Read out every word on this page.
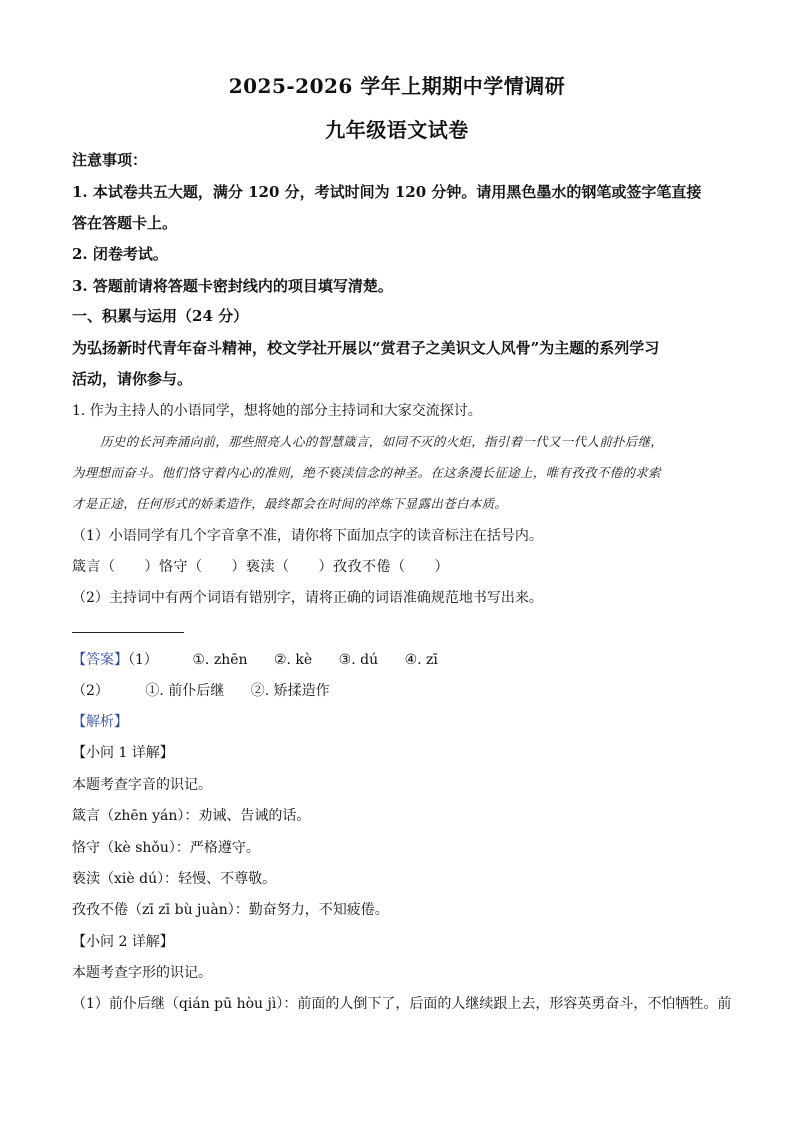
2025-2026 学年上期期中学情调研
九年级语文试卷
注意事项：
1. 本试卷共五大题，满分 120 分，考试时间为 120 分钟。请用黑色墨水的钢笔或签字笔直接
答在答题卡上。
2. 闭卷考试。
3. 答题前请将答题卡密封线内的项目填写清楚。
一、积累与运用（24 分）
为弘扬新时代青年奋斗精神，校文学社开展以“赏君子之美识文人风骨”为主题的系列学习
活动，请你参与。
1. 作为主持人的小语同学，想将她的部分主持词和大家交流探讨。
历史的长河奔涌向前，那些照亮人心的智慧箴言，如同不灭的火炬，指引着一代又一代人前扑后继，
为理想而奋斗。他们恪守着内心的准则，绝不亵渎信念的神圣。在这条漫长征途上，唯有孜孜不倦的求索
才是正途，任何形式的娇柔造作，最终都会在时间的淬炼下显露出苍白本质。
（1）小语同学有几个字音拿不准，请你将下面加点字的读音标注在括号内。
箴言（　　）恪守（　　）亵渎（　　）孜孜不倦（　　）
（2）主持词中有两个词语有错别字，请将正确的词语准确规范地书写出来。
【答案】（1） ①. zhēn ②. kè ③. dú ④. zī
（2）	①. 前仆后继 ②. 矫揉造作
【解析】
【小问 1 详解】
本题考查字音的识记。
箴言（zhēn yán）：劝诫、告诫的话。
恪守（kè shǒu）：严格遵守。
亵渎（xiè dú）：轻慢、不尊敬。
孜孜不倦（zī zī bù juàn）：勤奋努力，不知疲倦。
【小问 2 详解】
本题考查字形的识记。
（1）前仆后继（qián pū hòu jì）：前面的人倒下了，后面的人继续跟上去，形容英勇奋斗，不怕牺牲。前
